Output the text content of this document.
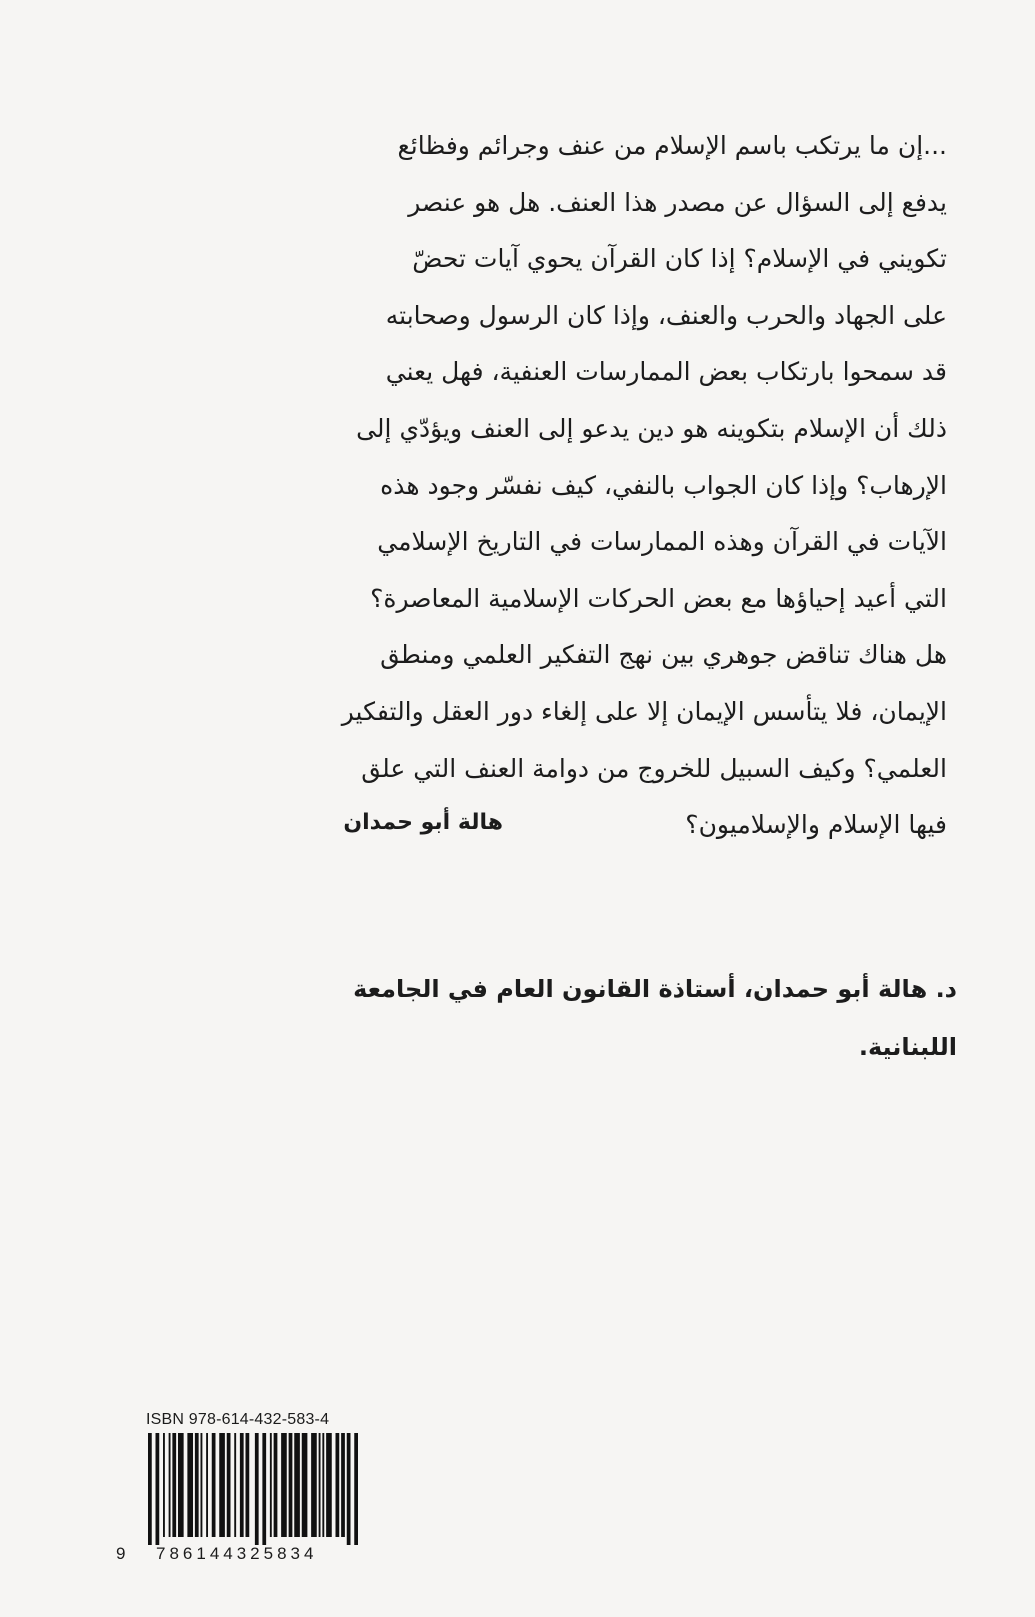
...إن ما يرتكب باسم الإسلام من عنف وجرائم وفظائع
يدفع إلى السؤال عن مصدر هذا العنف. هل هو عنصر
تكويني في الإسلام؟ إذا كان القرآن يحوي آيات تحضّ
على الجهاد والحرب والعنف، وإذا كان الرسول وصحابته
قد سمحوا بارتكاب بعض الممارسات العنفية، فهل يعني
ذلك أن الإسلام بتكوينه هو دين يدعو إلى العنف ويؤدّي إلى
الإرهاب؟ وإذا كان الجواب بالنفي، كيف نفسّر وجود هذه
الآيات في القرآن وهذه الممارسات في التاريخ الإسلامي
التي أعيد إحياؤها مع بعض الحركات الإسلامية المعاصرة؟
هل هناك تناقض جوهري بين نهج التفكير العلمي ومنطق
الإيمان، فلا يتأسس الإيمان إلا على إلغاء دور العقل والتفكير
العلمي؟ وكيف السبيل للخروج من دوامة العنف التي علق
فيها الإسلام والإسلاميون؟
هالة أبو حمدان
د. هالة أبو حمدان، أستاذة القانون العام في الجامعة
اللبنانية.
ISBN 978-614-432-583-4
9 786144325834
